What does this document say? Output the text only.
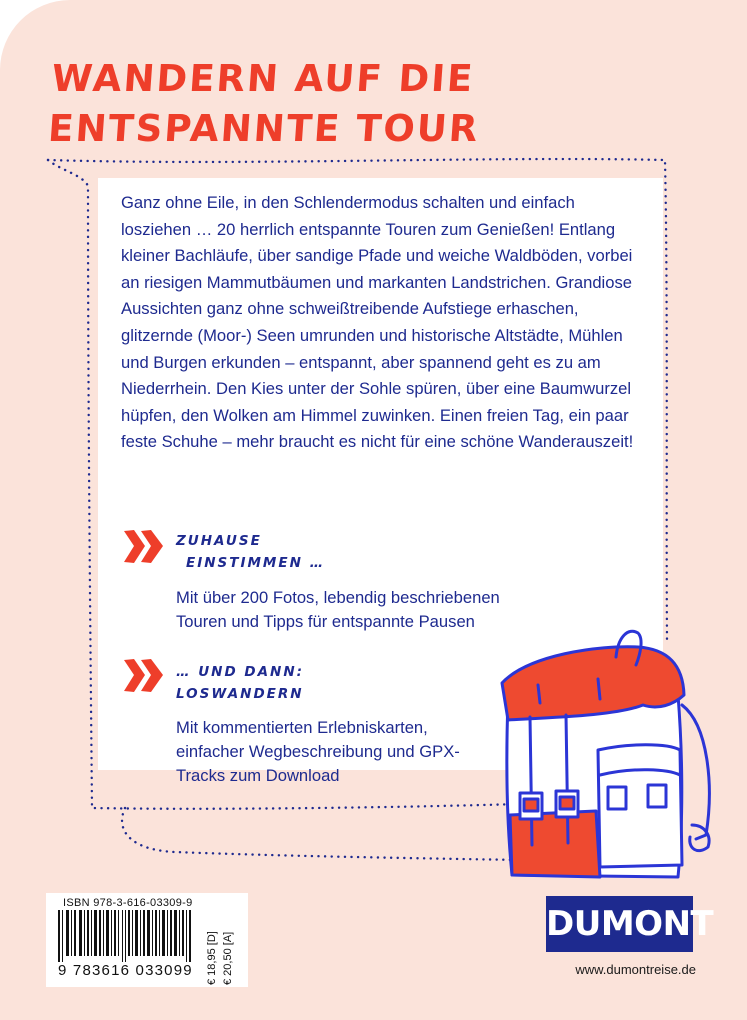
WANDERN AUF DIE
ENTSPANNTE TOUR

Ganz ohne Eile, in den Schlendermodus schalten und einfach losziehen … 20 herrlich entspannte Touren zum Genießen! Entlang kleiner Bachläufe, über sandige Pfade und weiche Waldböden, vorbei an riesigen Mammutbäumen und markanten Landstrichen. Grandiose Aussichten ganz ohne schweißtreibende Aufstiege erhaschen, glitzernde (Moor-) Seen umrunden und historische Altstädte, Mühlen und Burgen erkunden – entspannt, aber spannend geht es zu am Niederrhein. Den Kies unter der Sohle spüren, über eine Baumwurzel hüpfen, den Wolken am Himmel zuwinken. Einen freien Tag, ein paar feste Schuhe – mehr braucht es nicht für eine schöne Wanderauszeit!

ZUHAUSE
EINSTIMMEN …

Mit über 200 Fotos, lebendig beschriebenen Touren und Tipps für entspannte Pausen

… UND DANN:
LOSWANDERN

Mit kommentierten Erlebniskarten, einfacher Wegbeschreibung und GPX-Tracks zum Download

ISBN 978-3-616-03309-9

9 783616 033099 € 18,95 [D] € 20,50 [A]
DUMONT
www.dumontreise.de
